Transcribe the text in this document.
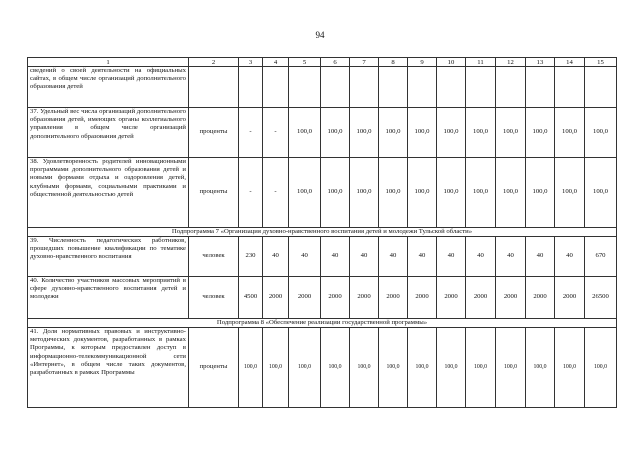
94
1	2	3	4	5	6	7	8	9	10	11	12	13	14	15
сведений о своей деятельности на официальных сайтах, в общем числе организаций дополнительного образования детей														
37. Удельный вес числа организаций дополнительного образования детей, имеющих органы коллегиального управления в общем числе организаций дополнительного образования детей	проценты	-	-	100,0	100,0	100,0	100,0	100,0	100,0	100,0	100,0	100,0	100,0	100,0
38. Удовлетворенность родителей инновационными программами дополнительного образования детей и новыми формами отдыха и оздоровления детей, клубными формами, социальными практиками и общественной деятельностью детей	проценты	-	-	100,0	100,0	100,0	100,0	100,0	100,0	100,0	100,0	100,0	100,0	100,0
Подпрограмма 7 «Организация духовно-нравственного воспитания детей и молодежи Тульской области»														
39. Численность педагогических работников, прошедших повышение квалификации по тематике духовно-нравственного воспитания	человек	230	40	40	40	40	40	40	40	40	40	40	40	670
40. Количество участников массовых мероприятий в сфере духовно-нравственного воспитания детей и молодежи	человек	4500	2000	2000	2000	2000	2000	2000	2000	2000	2000	2000	2000	26500
Подпрограмма 8 «Обеспечение реализации государственной программы»														
41. Доля нормативных правовых и инструктивно-методических документов, разработанных в рамках Программы, к которым предоставлен доступ в информационно-телекоммуникационной сети «Интернет», в общем числе таких документов, разработанных в рамках Программы	проценты	100,0	100,0	100,0	100,0	100,0	100,0	100,0	100,0	100,0	100,0	100,0	100,0	100,0
